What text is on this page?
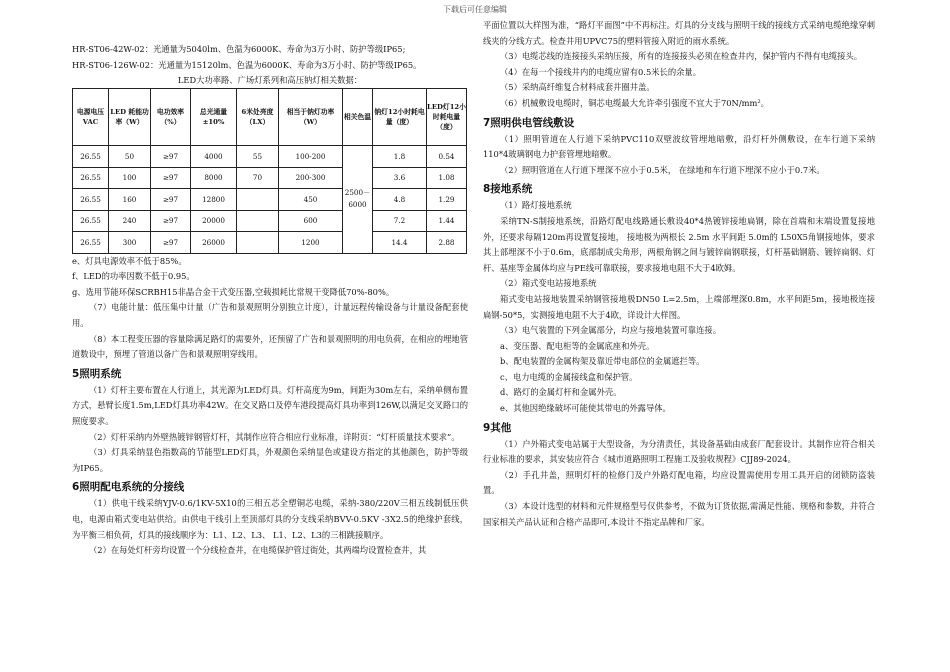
下载后可任意编辑

HR-ST06-42W-02：光通量为5040lm、色温为6000K、寿命为3万小时、防护等级IP65;

HR-ST06-126W-02：光通量为15120lm、色温为6000K、寿命为3万小时、防护等级IP65。

LED大功率路、广场灯系列和高压钠灯相关数据：
电源电压VAC	LED 耗能功率（W）	电功效率（%）	总光通量±10%	6米处亮度（LX）	相当于钠灯功率（W）	相关色温	钠灯12小时耗电量（度）	LED灯12小时耗电量（度）
26.55	50	≥97	4000	55	100-200	2500－6000	1.8	0.54
26.55	100	≥97	8000	70	200-300		3.6	1.08
26.55	160	≥97	12800		450		4.8	1.29
26.55	240	≥97	20000		600		7.2	1.44
26.55	300	≥97	26000		1200		14.4	2.88

e、灯具电源效率不低于85%。

f、LED的功率因数不低于0.95。

g、选用节能环保SCRBH15非晶合金干式变压器,空载损耗比常规干变降低70%-80%。

（7）电能计量：低压集中计量（广告和景观照明分别独立计度），计量远程传输设备与计量设备配套使用。

（8）本工程变压器的容量除满足路灯的需要外，还预留了广告和景观照明的用电负荷，在相应的埋地管道数设中，预埋了管道以备广告和景观照明穿线用。

5照明系统

（1）灯杆主要布置在人行道上，其光源为LED灯具。灯杆高度为9m，间距为30m左右，采纳单侧布置方式，悬臂长度1.5m,LED灯具功率42W。在交叉路口及停车港段提高灯具功率到126W,以满足交叉路口的照度要求。

（2）灯杆采纳内外壁热镀锌钢管灯杆，其制作应符合相应行业标准，详附页：“灯杆质量技术要求”。

（3）灯具采纳显色指数高的节能型LED灯具，外观颜色采纳显色或建设方指定的其他颜色，防护等级为IP65。

6照明配电系统的分接线

（1）供电干线采纳YJV-0.6/1KV-5X10的三相五芯全塑铜芯电缆，采纳-380/220V三相五线制低压供电，电源由箱式变电站供给。由供电干线引上至顶部灯具的分支线采纳BVV-0.5KV -3X2.5的绝缘护套线，为平衡三相负荷，灯具的接线顺序为：L1、L2、L3、 L1、L2、L3的三相跳接顺序。

（2）在每处灯杆旁均设置一个分线检查井，在电缆保护管过街处，其两端均设置检查井，其

平面位置以大样图为准，“路灯平面图”中不再标注。灯具的分支线与照明干线的接线方式采纳电缆绝缘穿刺线夹的分线方式。检查井用UPVC75的塑料管接入附近的雨水系统。

（3）电缆芯线的连接接头采纳压接，所有的连接接头必须在检查井内，保护管内不得有电缆接头。

（4）在每一个接线井内的电缆应留有0.5米长的余量。

（5）采纳高纤维复合材料成套井圈井盖。

（6）机械敷设电缆时，铜芯电缆最大允许牵引强度不宜大于70N/mm²。

7照明供电管线敷设

（1）照明管道在人行道下采纳PVC110双壁波纹管埋地暗敷，沿灯杆外侧敷设，在车行道下采纳110*4玻璃钢电力护套管埋地暗敷。

（2）照明管道在人行道下埋深不应小于0.5米， 在绿地和车行道下埋深不应小于0.7米。

8接地系统

（1）路灯接地系统

采纳TN-S制接地系统，沿路灯配电线路通长敷设40*4热镀锌接地扁钢，除在首端和末端设置复接地外，还要求每隔120m再设置复接地， 接地极为两根长 2.5m 水平间距 5.0m的 L50X5角钢接地体，要求其上部埋深不小于0.6m，底部制成尖角形，两根角钢之间与镀锌扁钢联接，灯杆基础钢筋、镀锌扁钢、灯杆、基座等金属体均应与PE线可靠联接，要求接地电阻不大于4欧姆。

（2）箱式变电站接地系统

箱式变电站接地装置采纳钢管接地极DN50 L=2.5m，上端部埋深0.8m，水平间距5m，接地极连接扁钢-50*5，实测接地电阻不大于4欧，详设计大样图。

（3）电气装置的下列金属部分，均应与接地装置可靠连接。

a、变压器、配电柜等的金属底座和外壳。

b、配电装置的金属构架及靠近带电部位的金属遮拦等。

c、电力电缆的金属接线盒和保护管。

d、路灯的金属灯杆和金属外壳。

e、其他因绝缘破坏可能使其带电的外露导体。

9其他

（1）户外箱式变电站属于大型设备，为分清责任，其设备基础由成套厂配套设计。其制作应符合相关行业标准的要求，其安装应符合《城市道路照明工程施工及验收规程》CJJ89-2024。

（2）手孔井盖，照明灯杆的检修门及户外路灯配电箱，均应设置需使用专用工具开启的闭锁防盗装置。

（3）本设计选型的材料和元件规格型号仅供参考，不做为订货依据,需满足性能、规格和参数，并符合国家相关产品认证和合格产品即可,本设计不指定品牌和厂家。
